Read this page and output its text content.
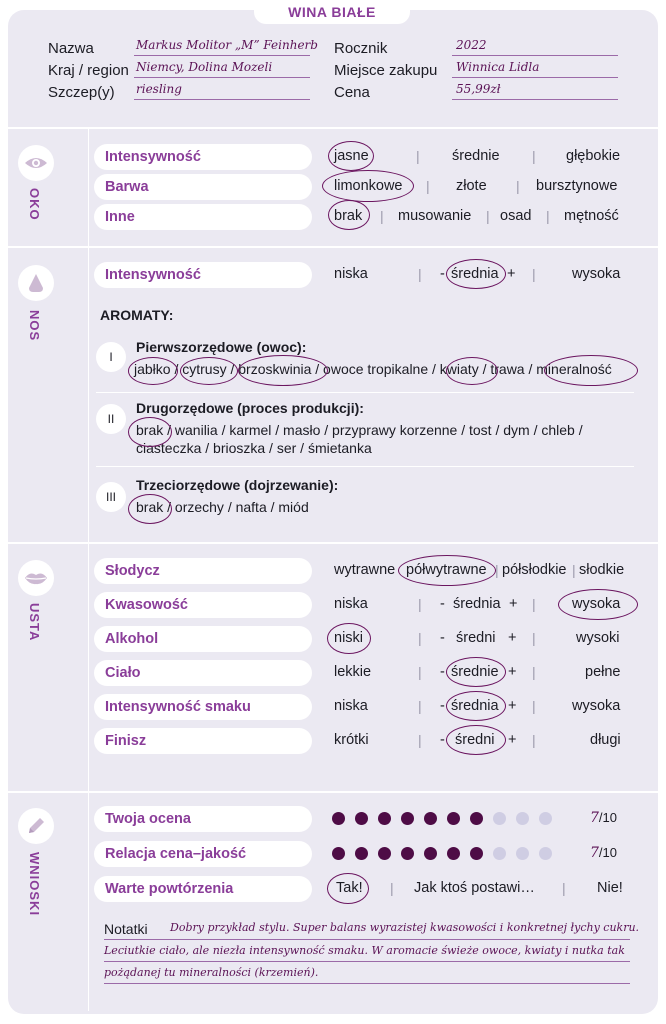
WINA BIAŁE
Nazwa	Markus Molitor „M” Feinherb
Kraj / region Niemcy, Dolina Mozeli
Szczep(y) riesling
Rocznik	2022
Miejsce zakupu Winnica Lidla
Cena	55,99zł
OKO
Intensywność	jasne	| średnie | głębokie
Barwa	limonkowe | złote | bursztynowe
Inne	brak | musowanie | osad | mętność
NOS
Intensywność	niska	| - średnia + |	wysoka
AROMATY:
I
Pierwszorzędowe (owoc):
jabłko / cytrusy / brzoskwinia / owoce tropikalne / kwiaty / trawa / mineralność
II
Drugorzędowe (proces produkcji):
brak / wanilia / karmel / masło / przyprawy korzenne / tost / dym / chleb /
ciasteczka / brioszka / ser / śmietanka
III
Trzeciorzędowe (dojrzewanie):
brak / orzechy / nafta / miód
USTA
Słodycz	wytrawne półwytrawne | półsłodkie | słodkie
Kwasowość	niska	| - średnia + |	wysoka
Alkohol	niski	| - średni + |	wysoki
Ciało	lekkie	| - średnie + |	pełne
Intensywność smaku	niska	| - średnia + |	wysoka
Finisz	krótki	| - średni + |	długi
WNIOSKI
Twoja ocena	7/10
Relacja cena–jakość	7/10
Warte powtórzenia	Tak! | Jak ktoś postawi… | Nie!
Notatki Dobry przykład stylu. Super balans wyrazistej kwasowości i konkretnej łychy cukru.
Leciutkie ciało, ale niezła intensywność smaku. W aromacie świeże owoce, kwiaty i nutka tak
pożądanej tu mineralności (krzemień).
